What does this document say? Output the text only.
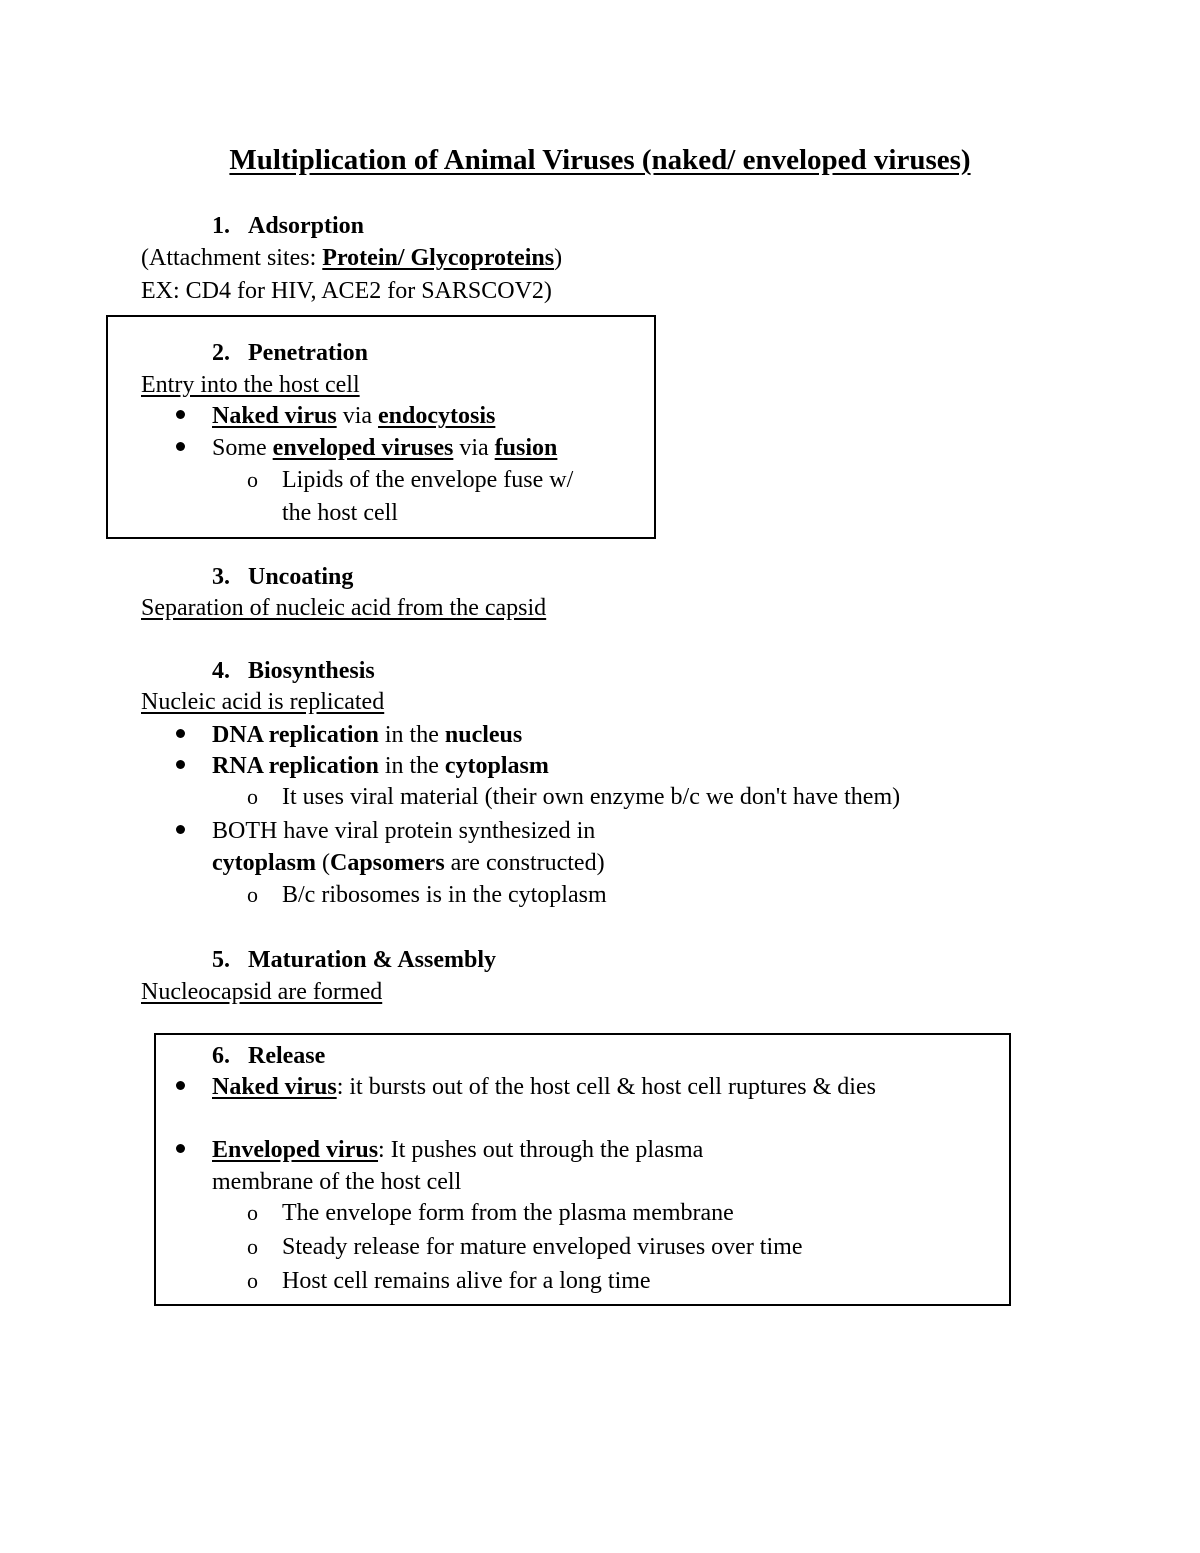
Multiplication of Animal Viruses (naked/ enveloped viruses)
1. Adsorption
(Attachment sites: Protein/ Glycoproteins)
EX: CD4 for HIV, ACE2 for SARSCOV2)
2. Penetration
Entry into the host cell
Naked virus via endocytosis
Some enveloped viruses via fusion
o Lipids of the envelope fuse w/
the host cell
3. Uncoating
Separation of nucleic acid from the capsid
4. Biosynthesis
Nucleic acid is replicated
DNA replication in the nucleus
RNA replication in the cytoplasm
o It uses viral material (their own enzyme b/c we don't have them)
BOTH have viral protein synthesized in
cytoplasm (Capsomers are constructed)
o B/c ribosomes is in the cytoplasm
5. Maturation & Assembly
Nucleocapsid are formed
6. Release
Naked virus: it bursts out of the host cell & host cell ruptures & dies
Enveloped virus: It pushes out through the plasma
membrane of the host cell
o The envelope form from the plasma membrane
o Steady release for mature enveloped viruses over time
o Host cell remains alive for a long time
